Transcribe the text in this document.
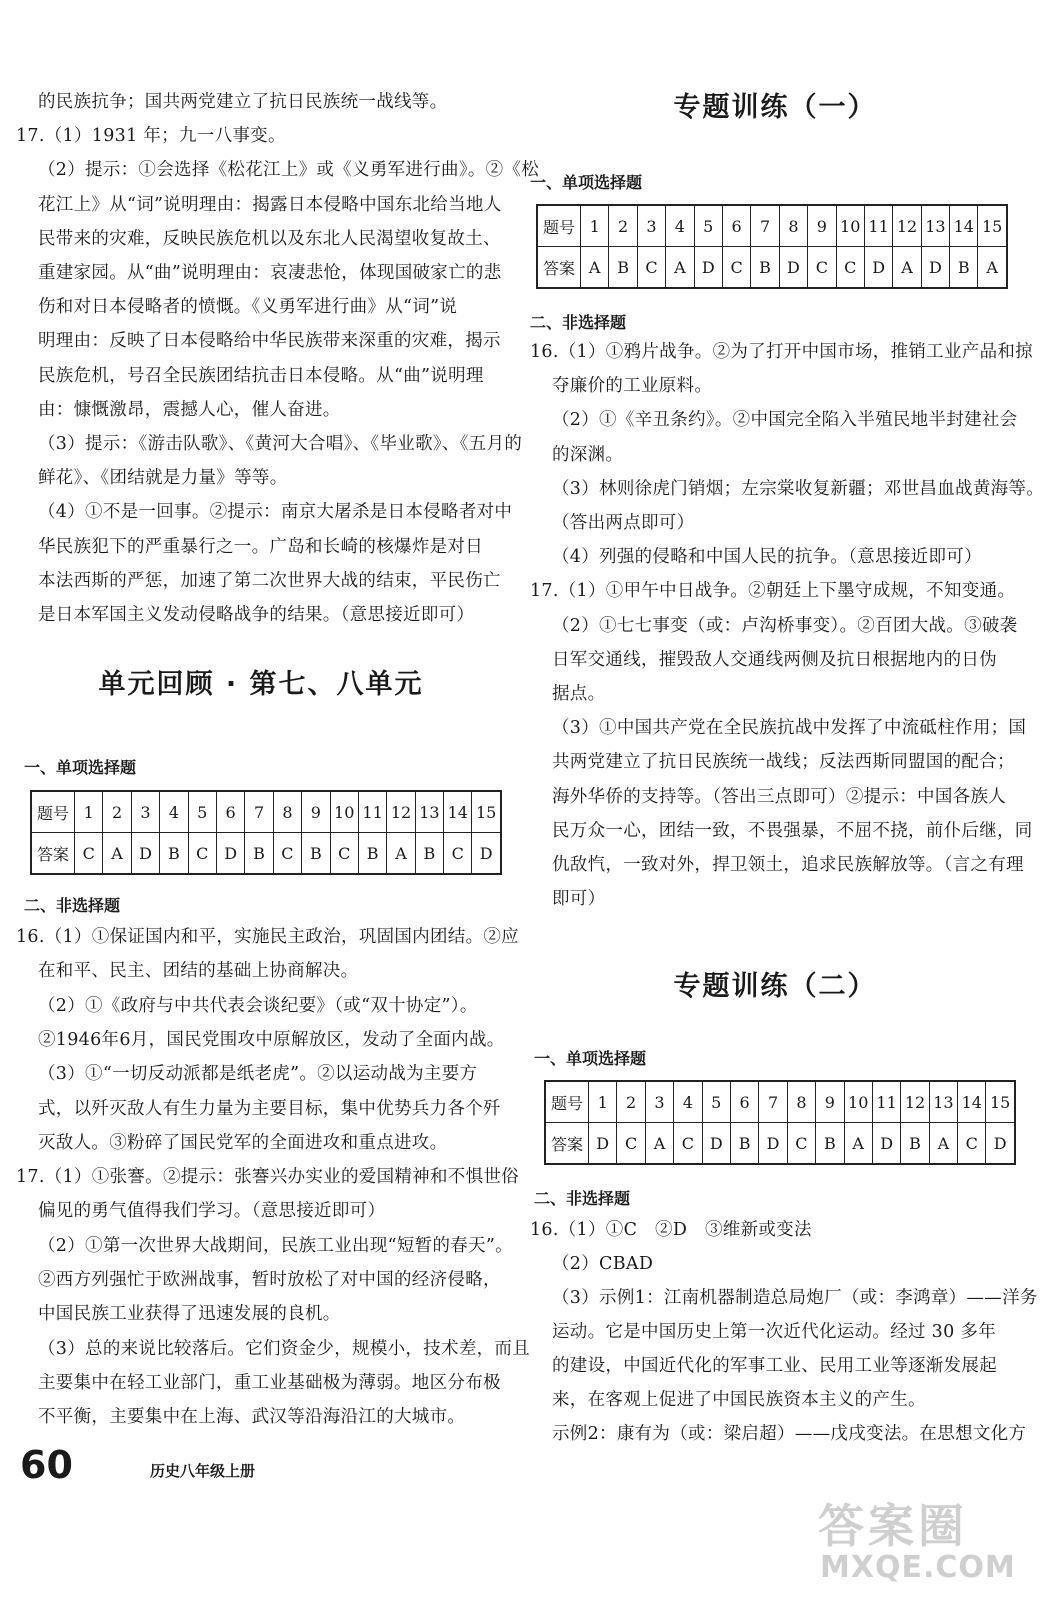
的民族抗争；国共两党建立了抗日民族统一战线等。
17.（1）1931 年；九一八事变。
（2）提示：①会选择《松花江上》或《义勇军进行曲》。②《松
花江上》从“词”说明理由：揭露日本侵略中国东北给当地人
民带来的灾难，反映民族危机以及东北人民渴望收复故土、
重建家园。从“曲”说明理由：哀凄悲怆，体现国破家亡的悲
伤和对日本侵略者的愤慨。《义勇军进行曲》从“词”说
明理由：反映了日本侵略给中华民族带来深重的灾难，揭示
民族危机，号召全民族团结抗击日本侵略。从“曲”说明理
由：慷慨激昂，震撼人心，催人奋进。
（3）提示：《游击队歌》、《黄河大合唱》、《毕业歌》、《五月的
鲜花》、《团结就是力量》等等。
（4）①不是一回事。②提示：南京大屠杀是日本侵略者对中
华民族犯下的严重暴行之一。广岛和长崎的核爆炸是对日
本法西斯的严惩，加速了第二次世界大战的结束，平民伤亡
是日本军国主义发动侵略战争的结果。（意思接近即可）
单元回顾 · 第七、八单元
一、单项选择题
题号	1	2	3	4	5	6	7	8	9	10	11	12	13	14	15
答案	C	A	D	B	C	D	B	C	B	C	B	A	B	C	D
二、非选择题
16.（1）①保证国内和平，实施民主政治，巩固国内团结。②应
在和平、民主、团结的基础上协商解决。
（2）①《政府与中共代表会谈纪要》（或“双十协定”）。
②1946年6月，国民党围攻中原解放区，发动了全面内战。
（3）①“一切反动派都是纸老虎”。②以运动战为主要方
式，以歼灭敌人有生力量为主要目标，集中优势兵力各个歼
灭敌人。③粉碎了国民党军的全面进攻和重点进攻。
17.（1）①张謇。②提示：张謇兴办实业的爱国精神和不惧世俗
偏见的勇气值得我们学习。（意思接近即可）
（2）①第一次世界大战期间，民族工业出现“短暂的春天”。
②西方列强忙于欧洲战事，暂时放松了对中国的经济侵略，
中国民族工业获得了迅速发展的良机。
（3）总的来说比较落后。它们资金少，规模小，技术差，而且
主要集中在轻工业部门，重工业基础极为薄弱。地区分布极
不平衡，主要集中在上海、武汉等沿海沿江的大城市。
专题训练（一）
一、单项选择题
题号	1	2	3	4	5	6	7	8	9	10	11	12	13	14	15
答案	A	B	C	A	D	C	B	D	C	C	D	A	D	B	A
二、非选择题
16.（1）①鸦片战争。②为了打开中国市场，推销工业产品和掠
夺廉价的工业原料。
（2）①《辛丑条约》。②中国完全陷入半殖民地半封建社会
的深渊。
（3）林则徐虎门销烟；左宗棠收复新疆；邓世昌血战黄海等。
（答出两点即可）
（4）列强的侵略和中国人民的抗争。（意思接近即可）
17.（1）①甲午中日战争。②朝廷上下墨守成规，不知变通。
（2）①七七事变（或：卢沟桥事变）。②百团大战。③破袭
日军交通线，摧毁敌人交通线两侧及抗日根据地内的日伪
据点。
（3）①中国共产党在全民族抗战中发挥了中流砥柱作用；国
共两党建立了抗日民族统一战线；反法西斯同盟国的配合；
海外华侨的支持等。（答出三点即可）②提示：中国各族人
民万众一心，团结一致，不畏强暴，不屈不挠，前仆后继，同
仇敌忾，一致对外，捍卫领土，追求民族解放等。（言之有理
即可）
专题训练（二）
一、单项选择题
题号	1	2	3	4	5	6	7	8	9	10	11	12	13	14	15
答案	D	C	A	C	D	B	D	C	B	A	D	B	A	C	D
二、非选择题
16.（1）①C　②D　③维新或变法
（2）CBAD
（3）示例1：江南机器制造总局炮厂（或：李鸿章）——洋务
运动。它是中国历史上第一次近代化运动。经过 30 多年
的建设，中国近代化的军事工业、民用工业等逐渐发展起
来，在客观上促进了中国民族资本主义的产生。
示例2：康有为（或：梁启超）——戊戌变法。在思想文化方
60	历史八年级上册
答案圈
MXQE.COM
